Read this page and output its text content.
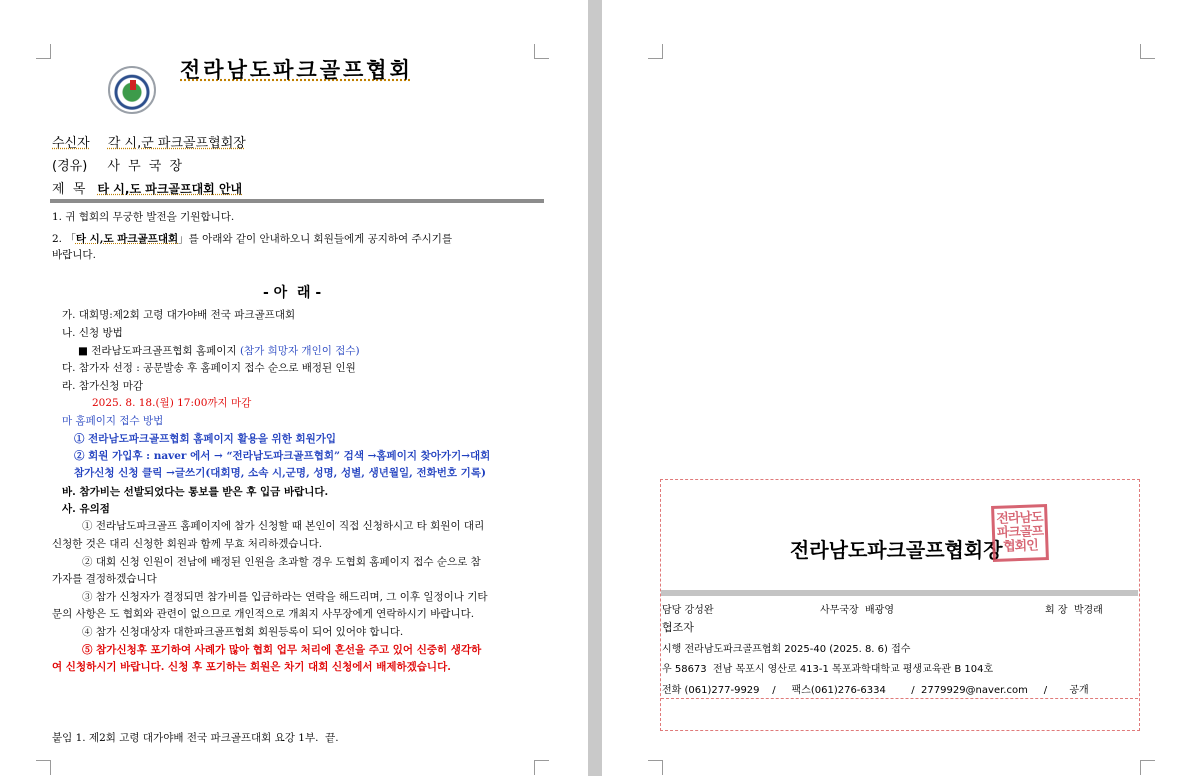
전라남도파크골프협회
수신자 각 시,군 파크골프협회장
(경유) 사 무 국 장
제  목 타 시,도 파크골프대회 안내
1. 귀 협회의 무궁한 발전을 기원합니다.
2. 「타 시,도 파크골프대회」를 아래와 같이 안내하오니 회원들에게 공지하여 주시기를
바랍니다.
- 아  래 -
가. 대회명:제2회 고령 대가야배 전국 파크골프대회
나. 신청 방법
■ 전라남도파크골프협회 홈페이지 (참가 희망자 개인이 접수)
다. 참가자 선정 : 공문발송 후 홈페이지 접수 순으로 배정된 인원
라. 참가신청 마감
2025. 8. 18.(월) 17:00까지 마감
마 홈페이지 접수 방법
① 전라남도파크골프협회 홈페이지 활용을 위한 회원가입
② 회원 가입후 : naver 에서 → “전라남도파크골프협회” 검색 →홈페이지 찾아가기→대회
참가신청 신청 클릭 →글쓰기(대회명, 소속 시,군명, 성명, 성별, 생년월일, 전화번호 기록)
바. 참가비는 선발되었다는 통보를 받은 후 입금 바랍니다.
사. 유의점
① 전라남도파크골프 홈페이지에 참가 신청할 때 본인이 직접 신청하시고 타 회원이 대리
신청한 것은 대리 신청한 회원과 함께 무효 처리하겠습니다.
② 대회 신청 인원이 전남에 배정된 인원을 초과할 경우 도협회 홈페이지 접수 순으로 참
가자를 결정하겠습니다
③ 참가 신청자가 결정되면 참가비를 입금하라는 연락을 해드리며, 그 이후 일정이나 기타
문의 사항은 도 협회와 관련이 없으므로 개인적으로 개최지 사무장에게 연락하시기 바랍니다.
④ 참가 신청대상자 대한파크골프협회 회원등록이 되어 있어야 합니다.
⑤ 참가신청후 포기하여 사례가 많아 협회 업무 처리에 혼선을 주고 있어 신중히 생각하
여 신청하시기 바랍니다. 신청 후 포기하는 회원은 차기 대회 신청에서 배제하겠습니다.
붙임 1. 제2회 고령 대가야배 전국 파크골프대회 요강 1부.  끝.
전라남도파크골프협회장
전라남도 파크골프 협회인
담당 강성완	사무국장  배광영	회 장  박경래
협조자
시행 전라남도파크골프협회 2025-40 (2025. 8. 6) 접수
우 58673  전남 목포시 영산로 413-1 목포과학대학교 평생교육관 B 104호
전화 (061)277-9929    /     팩스(061)276-6334        /  2779929@naver.com     /       공개
